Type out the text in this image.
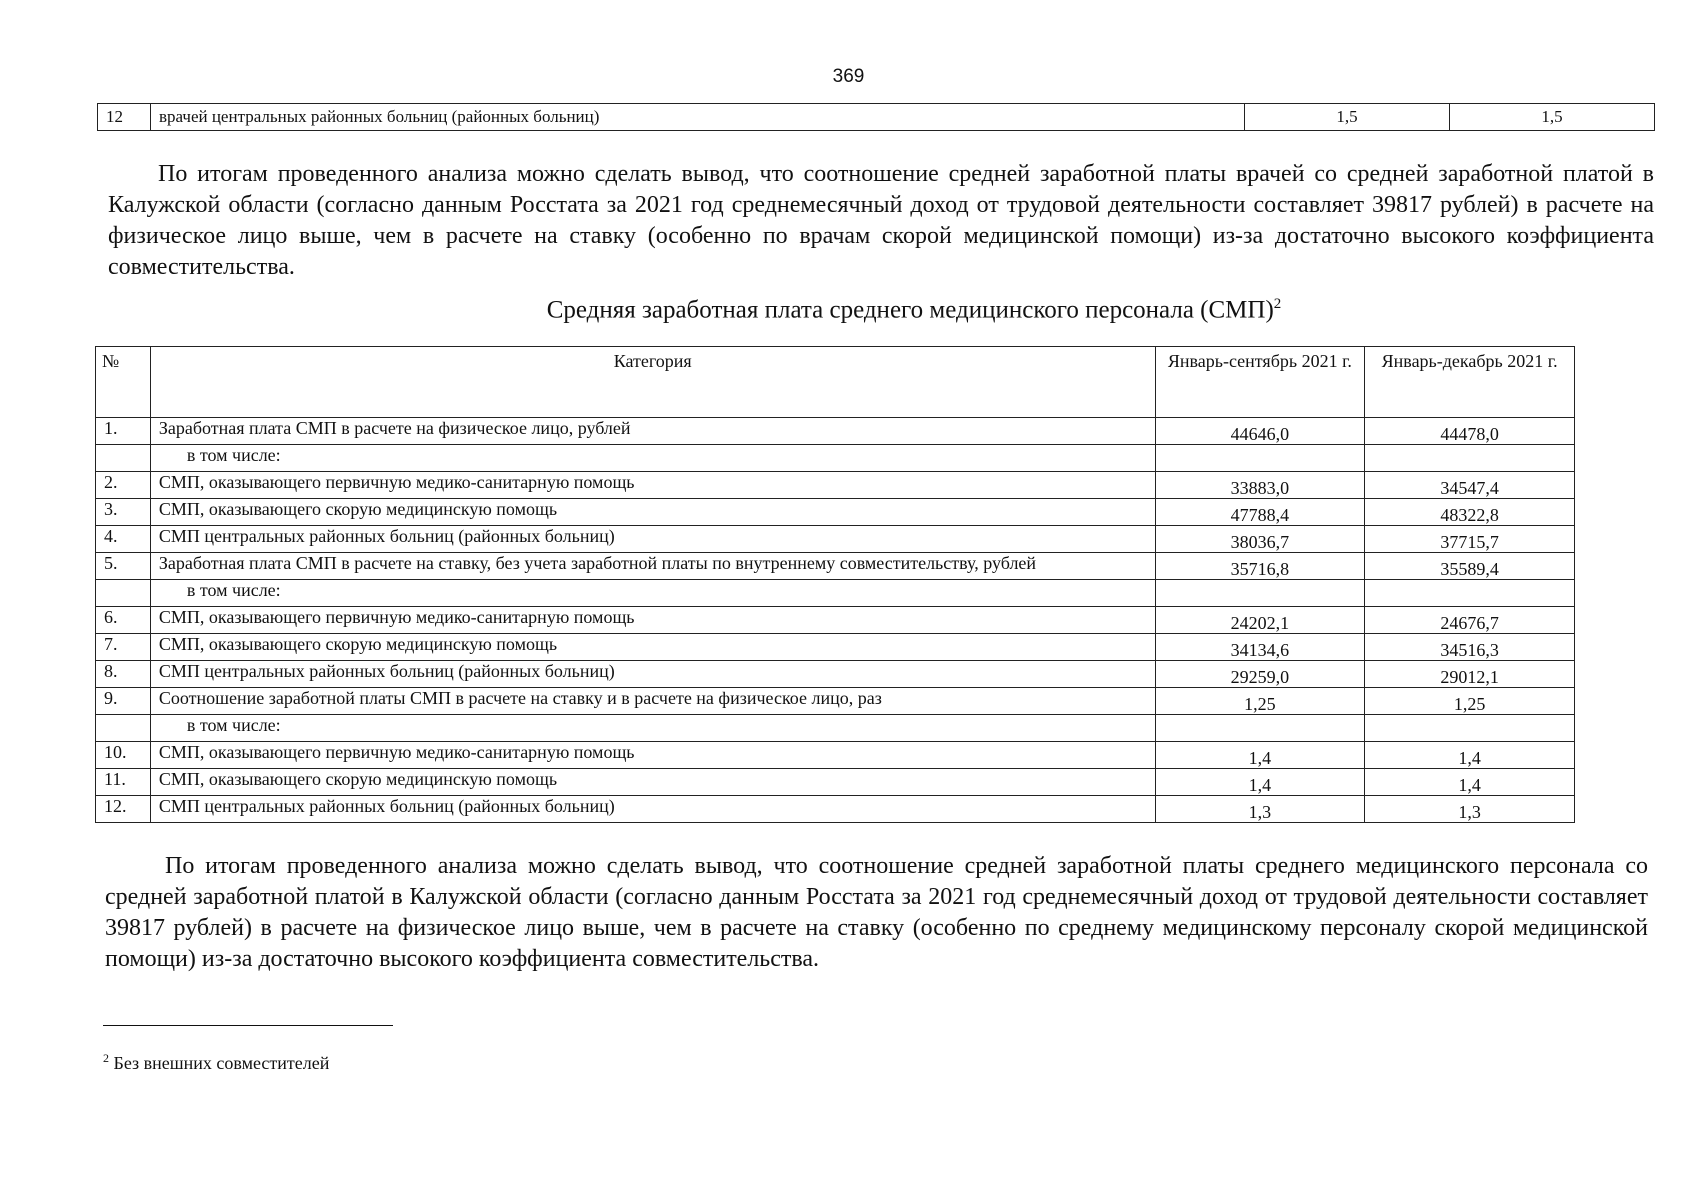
369
12	врачей центральных районных больниц (районных больниц)	1,5	1,5

По итогам проведенного анализа можно сделать вывод, что соотношение средней заработной платы врачей со средней заработной платой в Калужской области (согласно данным Росстата за 2021 год среднемесячный доход от трудовой деятельности составляет 39817 рублей) в расчете на физическое лицо выше, чем в расчете на ставку (особенно по врачам скорой медицинской помощи) из-за достаточно высокого коэффициента совместительства.

Средняя заработная плата среднего медицинского персонала (СМП)$^2$
№	Категория	Январь-сентябрь 2021 г.	Январь-декабрь 2021 г.
1.	Заработная плата СМП в расчете на физическое лицо, рублей	44646,0	44478,0
	в том числе:		
2.	СМП, оказывающего первичную медико-санитарную помощь	33883,0	34547,4
3.	СМП, оказывающего скорую медицинскую помощь	47788,4	48322,8
4.	СМП центральных районных больниц (районных больниц)	38036,7	37715,7
5.	Заработная плата СМП в расчете на ставку, без учета заработной платы по внутреннему совместительству, рублей	35716,8	35589,4
	в том числе:		
6.	СМП, оказывающего первичную медико-санитарную помощь	24202,1	24676,7
7.	СМП, оказывающего скорую медицинскую помощь	34134,6	34516,3
8.	СМП центральных районных больниц (районных больниц)	29259,0	29012,1
9.	Соотношение заработной платы СМП в расчете на ставку и в расчете на физическое лицо, раз	1,25	1,25
	в том числе:		
10.	СМП, оказывающего первичную медико-санитарную помощь	1,4	1,4
11.	СМП, оказывающего скорую медицинскую помощь	1,4	1,4
12.	СМП центральных районных больниц (районных больниц)	1,3	1,3

По итогам проведенного анализа можно сделать вывод, что соотношение средней заработной платы среднего медицинского персонала со средней заработной платой в Калужской области (согласно данным Росстата за 2021 год среднемесячный доход от трудовой деятельности составляет 39817 рублей) в расчете на физическое лицо выше, чем в расчете на ставку (особенно по среднему медицинскому персоналу скорой медицинской помощи) из-за достаточно высокого коэффициента совместительства.

$^2$ Без внешних совместителей
